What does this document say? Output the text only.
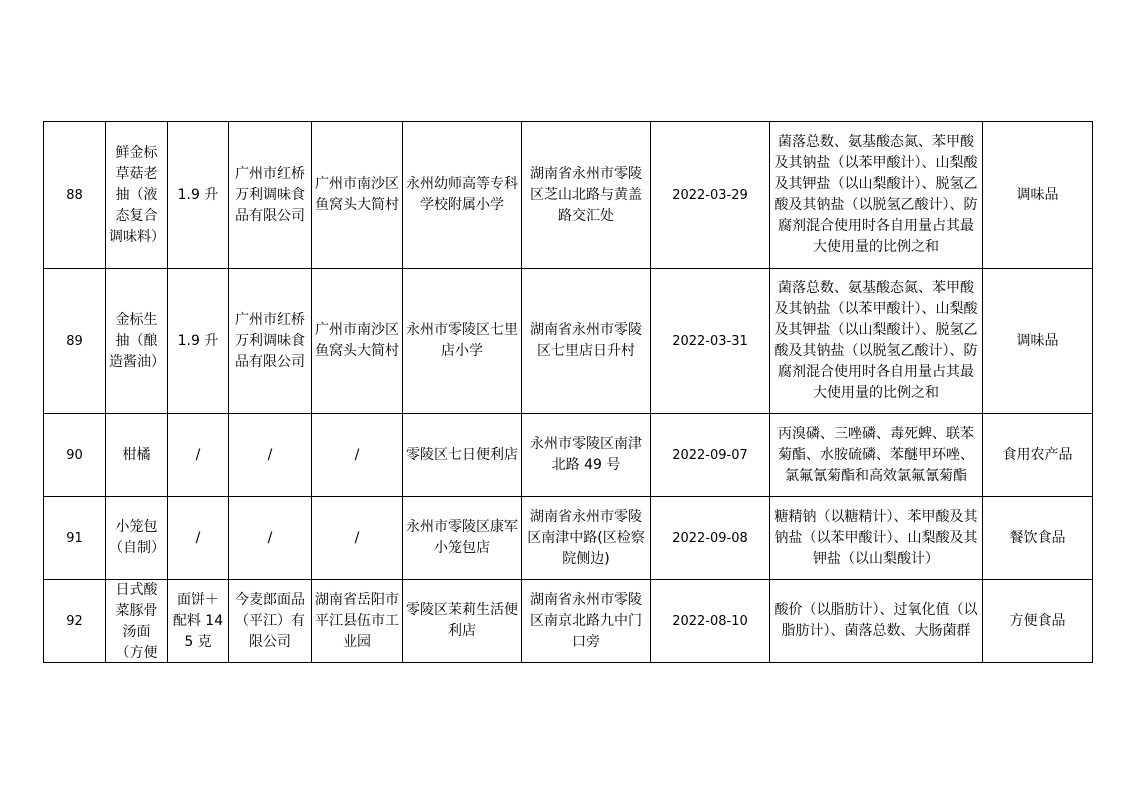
88	鲜金标草菇老抽（液态复合调味料）	1.9 升	广州市红桥万利调味食品有限公司	广州市南沙区鱼窝头大简村	永州幼师高等专科学校附属小学	湖南省永州市零陵区芝山北路与黄盖路交汇处	2022-03-29	菌落总数、氨基酸态氮、苯甲酸及其钠盐（以苯甲酸计）、山梨酸及其钾盐（以山梨酸计）、脱氢乙酸及其钠盐（以脱氢乙酸计）、防腐剂混合使用时各自用量占其最大使用量的比例之和	调味品
89	金标生抽（酿造酱油）	1.9 升	广州市红桥万利调味食品有限公司	广州市南沙区鱼窝头大简村	永州市零陵区七里店小学	湖南省永州市零陵区七里店日升村	2022-03-31	菌落总数、氨基酸态氮、苯甲酸及其钠盐（以苯甲酸计）、山梨酸及其钾盐（以山梨酸计）、脱氢乙酸及其钠盐（以脱氢乙酸计）、防腐剂混合使用时各自用量占其最大使用量的比例之和	调味品
90	柑橘	/	/	/	零陵区七日便利店	永州市零陵区南津北路 49 号	2022-09-07	丙溴磷、三唑磷、毒死蜱、联苯菊酯、水胺硫磷、苯醚甲环唑、氯氟氰菊酯和高效氯氟氰菊酯	食用农产品
91	小笼包（自制）	/	/	/	永州市零陵区康军小笼包店	湖南省永州市零陵区南津中路(区检察院侧边)	2022-09-08	糖精钠（以糖精计）、苯甲酸及其钠盐（以苯甲酸计）、山梨酸及其钾盐（以山梨酸计）	餐饮食品
92	日式酸菜豚骨汤面（方便	面饼＋配料 145 克	今麦郎面品（平江）有限公司	湖南省岳阳市平江县伍市工业园	零陵区茉莉生活便利店	湖南省永州市零陵区南京北路九中门口旁	2022-08-10	酸价（以脂肪计）、过氧化值（以脂肪计）、菌落总数、大肠菌群	方便食品
